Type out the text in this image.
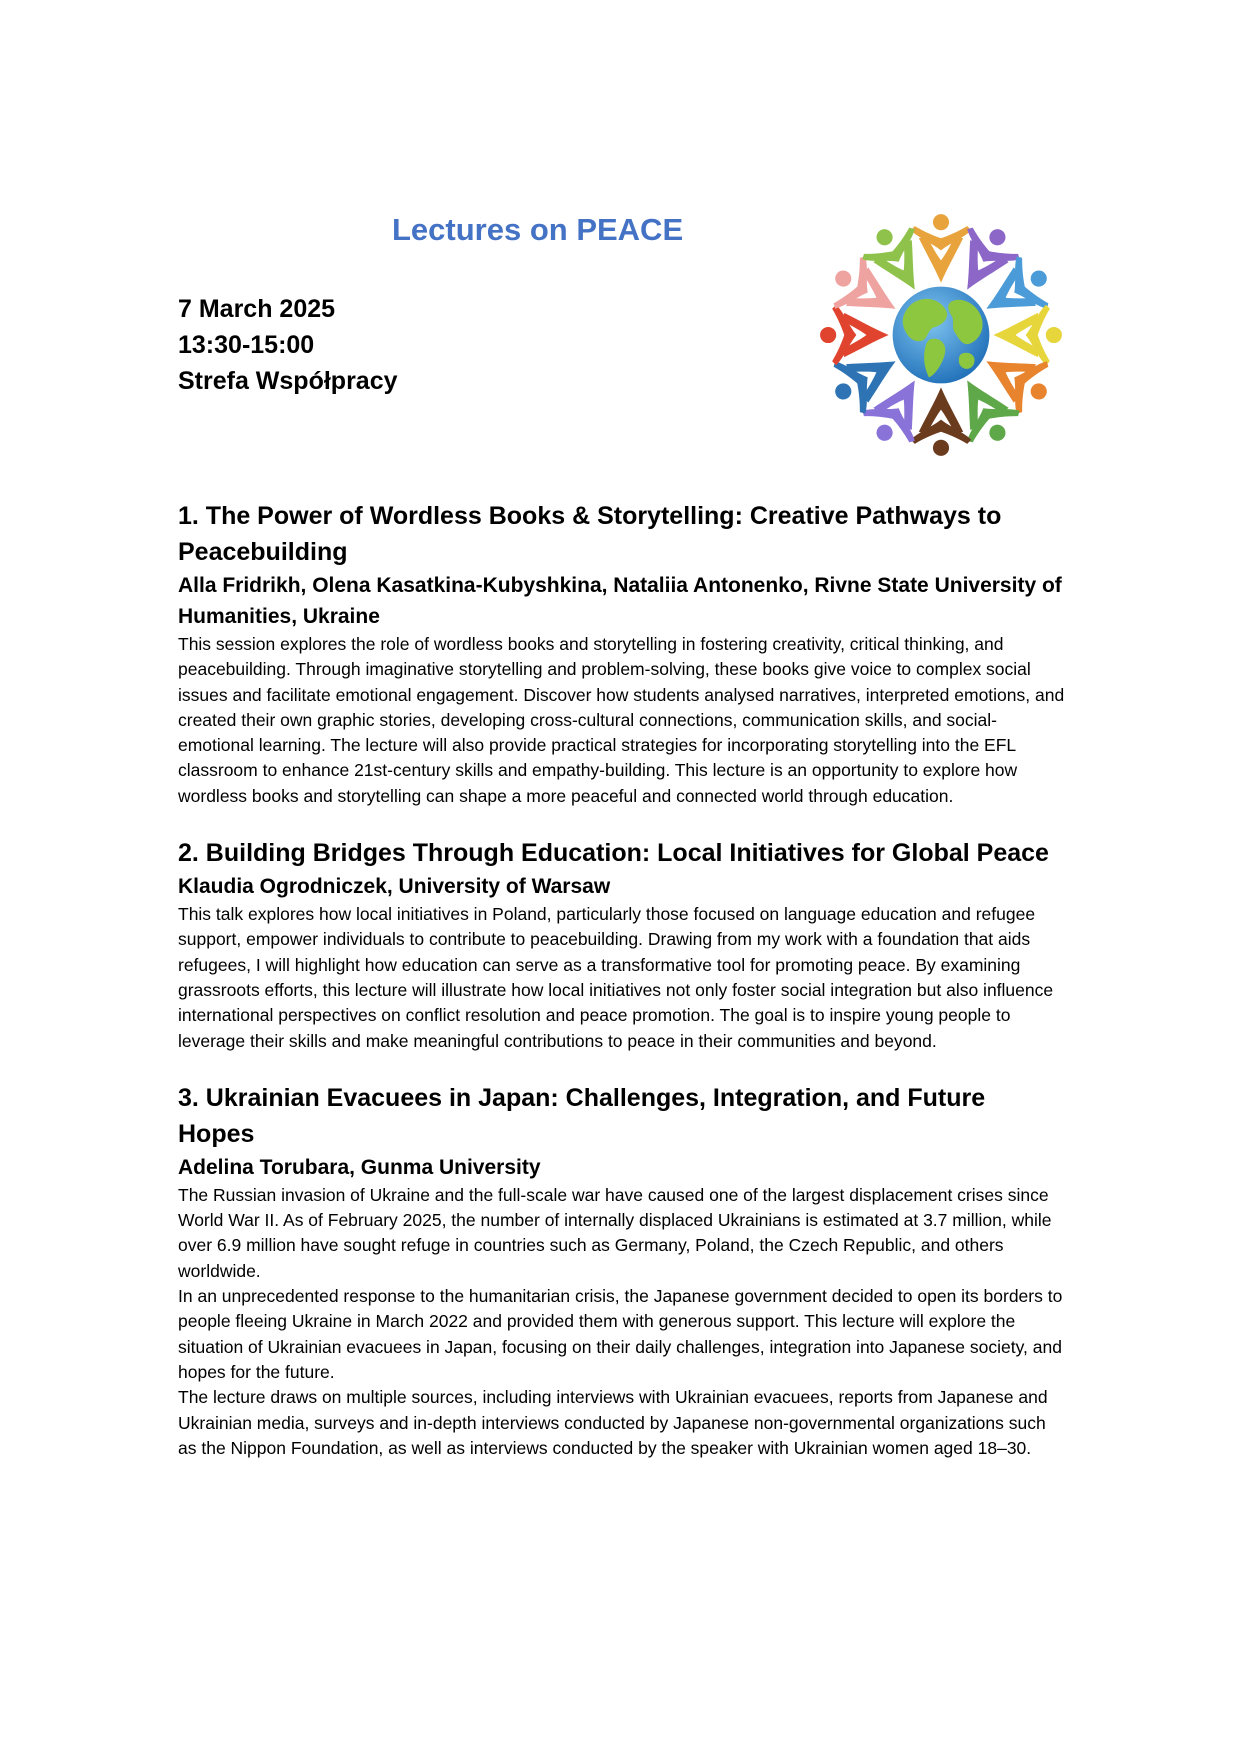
Lectures on PEACE
7 March 2025
13:30-15:00
Strefa Współpracy
1. The Power of Wordless Books & Storytelling: Creative Pathways to Peacebuilding
Alla Fridrikh, Olena Kasatkina-Kubyshkina, Nataliia Antonenko, Rivne State University of Humanities, Ukraine

This session explores the role of wordless books and storytelling in fostering creativity, critical thinking, and peacebuilding. Through imaginative storytelling and problem-solving, these books give voice to complex social issues and facilitate emotional engagement. Discover how students analysed narratives, interpreted emotions, and created their own graphic stories, developing cross-cultural connections, communication skills, and social-emotional learning. The lecture will also provide practical strategies for incorporating storytelling into the EFL classroom to enhance 21st-century skills and empathy-building. This lecture is an opportunity to explore how wordless books and storytelling can shape a more peaceful and connected world through education.

2. Building Bridges Through Education: Local Initiatives for Global Peace
Klaudia Ogrodniczek, University of Warsaw

This talk explores how local initiatives in Poland, particularly those focused on language education and refugee support, empower individuals to contribute to peacebuilding. Drawing from my work with a foundation that aids refugees, I will highlight how education can serve as a transformative tool for promoting peace. By examining grassroots efforts, this lecture will illustrate how local initiatives not only foster social integration but also influence international perspectives on conflict resolution and peace promotion. The goal is to inspire young people to leverage their skills and make meaningful contributions to peace in their communities and beyond.

3. Ukrainian Evacuees in Japan: Challenges, Integration, and Future Hopes
Adelina Torubara, Gunma University

The Russian invasion of Ukraine and the full-scale war have caused one of the largest displacement crises since World War II. As of February 2025, the number of internally displaced Ukrainians is estimated at 3.7 million, while over 6.9 million have sought refuge in countries such as Germany, Poland, the Czech Republic, and others worldwide.

In an unprecedented response to the humanitarian crisis, the Japanese government decided to open its borders to people fleeing Ukraine in March 2022 and provided them with generous support. This lecture will explore the situation of Ukrainian evacuees in Japan, focusing on their daily challenges, integration into Japanese society, and hopes for the future.

The lecture draws on multiple sources, including interviews with Ukrainian evacuees, reports from Japanese and Ukrainian media, surveys and in-depth interviews conducted by Japanese non-governmental organizations such as the Nippon Foundation, as well as interviews conducted by the speaker with Ukrainian women aged 18–30.
